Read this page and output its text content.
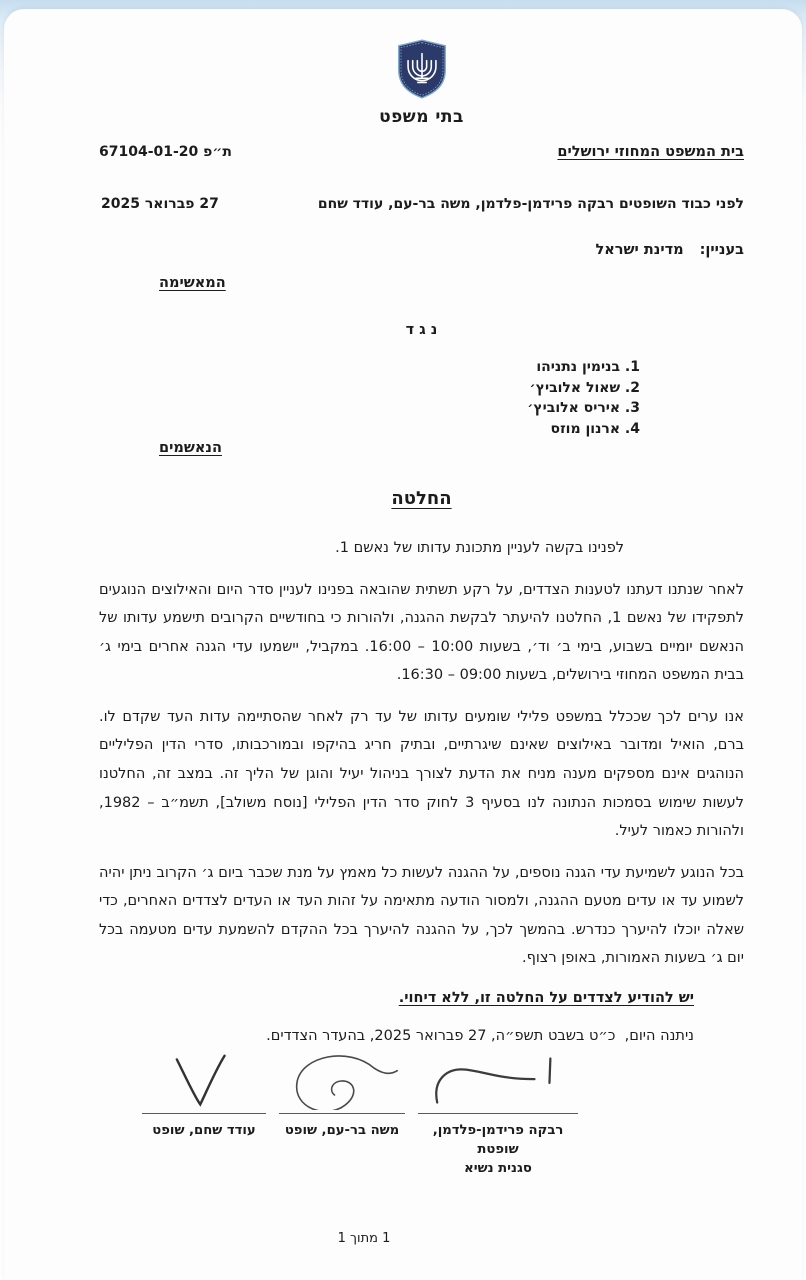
בתי משפט
בית המשפט המחוזי ירושלים
ת״פ 67104-01-20
לפני כבוד השופטים רבקה פרידמן-פלדמן, משה בר-עם, עודד שחם
27 פברואר 2025
בעניין:
מדינת ישראל
המאשימה
נ ג ד
1. בנימין נתניהו
2. שאול אלוביץ׳
3. איריס אלוביץ׳
4. ארנון מוזס
הנאשמים
החלטה

לפנינו בקשה לעניין מתכונת עדותו של נאשם 1.

לאחר שנתנו דעתנו לטענות הצדדים, על רקע תשתית שהובאה בפנינו לעניין סדר היום והאילוצים הנוגעים לתפקידו של נאשם 1, החלטנו להיעתר לבקשת ההגנה, ולהורות כי בחודשיים הקרובים תישמע עדותו של הנאשם יומיים בשבוע, בימי ב׳ וד׳, בשעות 10:00 – 16:00. במקביל, יישמעו עדי הגנה אחרים בימי ג׳ בבית המשפט המחוזי בירושלים, בשעות 09:00 – 16:30.

אנו ערים לכך שככלל במשפט פלילי שומעים עדותו של עד רק לאחר שהסתיימה עדות העד שקדם לו. ברם, הואיל ומדובר באילוצים שאינם שיגרתיים, ובתיק חריג בהיקפו ובמורכבותו, סדרי הדין הפליליים הנוהגים אינם מספקים מענה מניח את הדעת לצורך בניהול יעיל והוגן של הליך זה. במצב זה, החלטנו לעשות שימוש בסמכות הנתונה לנו בסעיף 3 לחוק סדר הדין הפלילי [נוסח משולב], תשמ״ב – 1982, ולהורות כאמור לעיל.

בכל הנוגע לשמיעת עדי הגנה נוספים, על ההגנה לעשות כל מאמץ על מנת שכבר ביום ג׳ הקרוב ניתן יהיה לשמוע עד או עדים מטעם ההגנה, ולמסור הודעה מתאימה על זהות העד או העדים לצדדים האחרים, כדי שאלה יוכלו להיערך כנדרש. בהמשך לכך, על ההגנה להיערך בכל ההקדם להשמעת עדים מטעמה בכל יום ג׳ בשעות האמורות, באופן רצוף.

יש להודיע לצדדים על החלטה זו, ללא דיחוי.
ניתנה היום,  כ״ט בשבט תשפ״ה, 27 פברואר 2025, בהעדר הצדדים.
רבקה פרידמן-פלדמן, שופטת
סגנית נשיא
משה בר-עם, שופט
עודד שחם, שופט
1 מתוך 1
